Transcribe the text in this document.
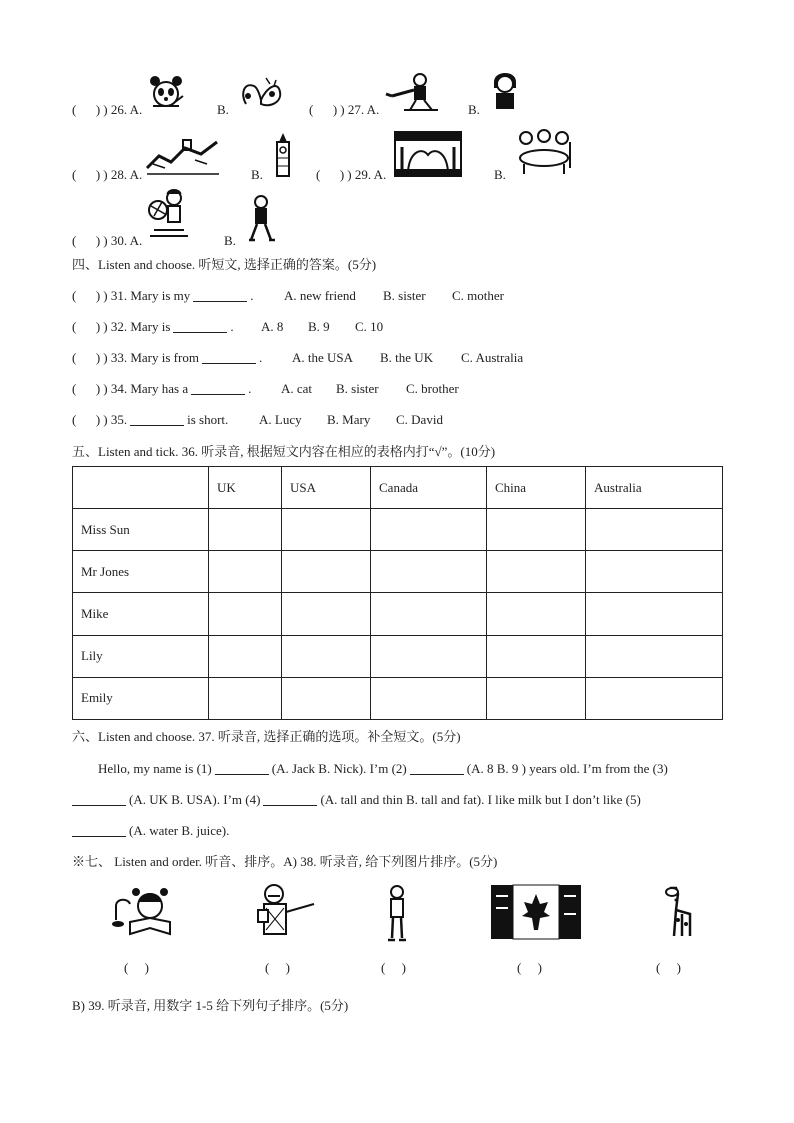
( ) ) 26. A.	B. ( )	) 27. A.	B.
( ) ) 28. A.	B. ( )	) 29. A.	B.
( ) ) 30. A.	B.
四、Listen and choose. 听短文, 选择正确的答案。(5分)
( ) ) 31. Mary is my	. A. new friend B. sister C. mother
( ) ) 32. Mary is	. A. 8 B. 9 C. 10
( ) ) 33. Mary is from	. A. the USA B. the UK C. Australia
( ) ) 34. Mary has a	. A. cat B. sister C. brother
( ) ) 35.	is short. A. Lucy B. Mary C. David
五、Listen and tick. 36. 听录音, 根据短文内容在相应的表格内打“√”。(10分)
	UK	USA	Canada	China	Australia
Miss Sun					
Mr Jones					
Mike					
Lily					
Emily					
六、Listen and choose. 37. 听录音, 选择正确的选项。补全短文。(5分)
Hello, my name is (1)	(A. Jack B. Nick). I’m (2)	(A. 8 B. 9 ) years old. I’m from the (3)
(A. UK B. USA). I’m (4)	(A. tall and thin B. tall and fat). I like milk but I don’t like (5)
(A. water B. juice).
※七、 Listen and order. 听音、排序。A) 38. 听录音, 给下列图片排序。(5分)
(     )	(     )	(     )	(     )	(     )
B) 39. 听录音, 用数字 1-5 给下列句子排序。(5分)
